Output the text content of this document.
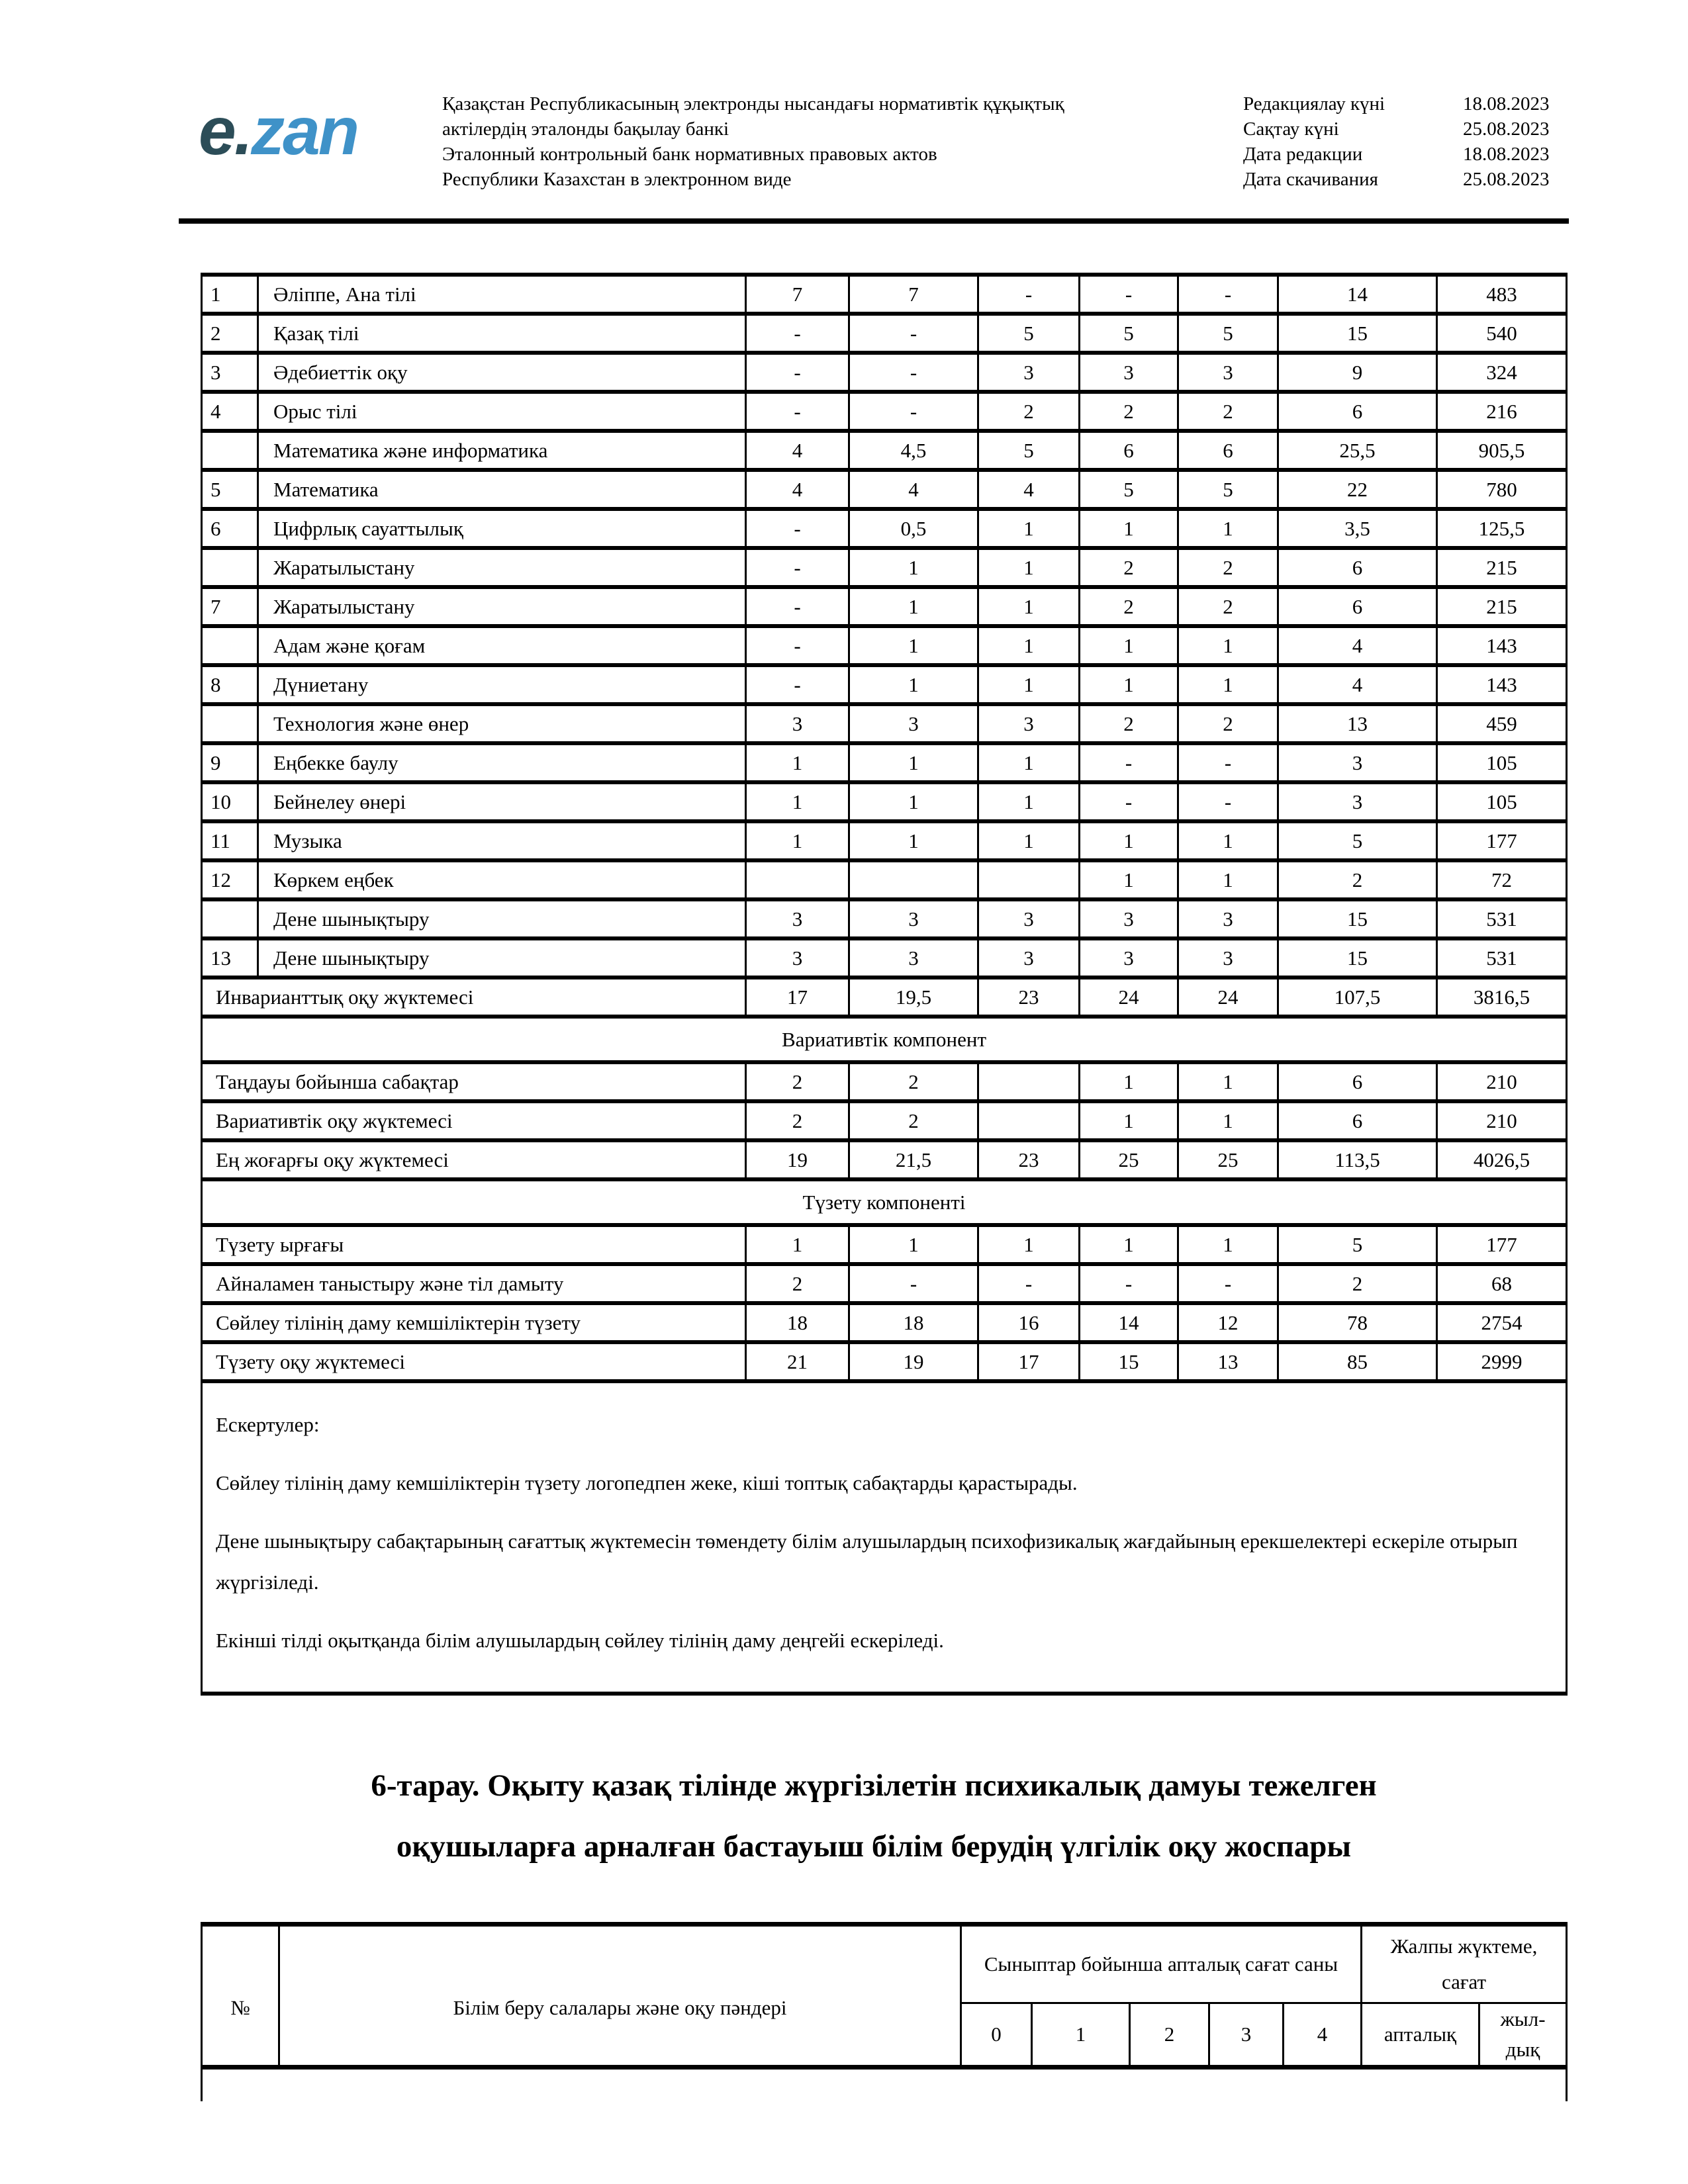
e.zan	Қазақстан Республикасының электронды нысандағы нормативтік құқықтық
актілердің эталонды бақылау банкі
Эталонный контрольный банк нормативных правовых актов
Республики Казахстан в электронном виде
Редакциялау күні	18.08.2023
Сақтау күні	25.08.2023
Дата редакции	18.08.2023
Дата скачивания	25.08.2023
1	Әліппе, Ана тілі	7	7	-	-	-	14	483
2	Қазақ тілі	-	-	5	5	5	15	540
3	Әдебиеттік оқу	-	-	3	3	3	9	324
4	Орыс тілі	-	-	2	2	2	6	216
	Математика және информатика	4	4,5	5	6	6	25,5	905,5
5	Математика	4	4	4	5	5	22	780
6	Цифрлық сауаттылық	-	0,5	1	1	1	3,5	125,5
	Жаратылыстану	-	1	1	2	2	6	215
7	Жаратылыстану	-	1	1	2	2	6	215
	Адам және қоғам	-	1	1	1	1	4	143
8	Дүниетану	-	1	1	1	1	4	143
	Технология және өнер	3	3	3	2	2	13	459
9	Еңбекке баулу	1	1	1	-	-	3	105
10	Бейнелеу өнері	1	1	1	-	-	3	105
11	Музыка	1	1	1	1	1	5	177
12	Көркем еңбек				1	1	2	72
	Дене шынықтыру	3	3	3	3	3	15	531
13	Дене шынықтыру	3	3	3	3	3	15	531
Инварианттық оқу жүктемесі		17	19,5	23	24	24	107,5	3816,5
Вариативтік компонент								
Таңдауы бойынша сабақтар		2	2		1	1	6	210
Вариативтік оқу жүктемесі		2	2		1	1	6	210
Ең жоғарғы оқу жүктемесі		19	21,5	23	25	25	113,5	4026,5
Түзету компоненті								
Түзету ырғағы		1	1	1	1	1	5	177
Айналамен таныстыру және тіл дамыту		2	-	-	-	-	2	68
Сөйлеу тілінің даму кемшіліктерін түзету		18	18	16	14	12	78	2754
Түзету оқу жүктемесі		21	19	17	15	13	85	2999

Ескертулер:

Сөйлеу тілінің даму кемшіліктерін түзету логопедпен жеке, кіші топтық сабақтарды қарастырады.

Дене шынықтыру сабақтарының сағаттық жүктемесін төмендету білім алушылардың психофизикалық жағдайының ерекшелектері ескеріле отырып жүргізіледі.

Екінші тілді оқытқанда білім алушылардың сөйлеу тілінің даму деңгейі ескеріледі.								

6-тарау. Оқыту қазақ тілінде жүргізілетін психикалық дамуы тежелген
оқушыларға арналған бастауыш білім берудің үлгілік оқу жоспары
№	Білім беру салалары және оқу пәндері	Сыныптар бойынша апталық сағат саны					Жалпы жүктеме, сағат	
		0	1	2	3	4	апталық	жыл-дық
